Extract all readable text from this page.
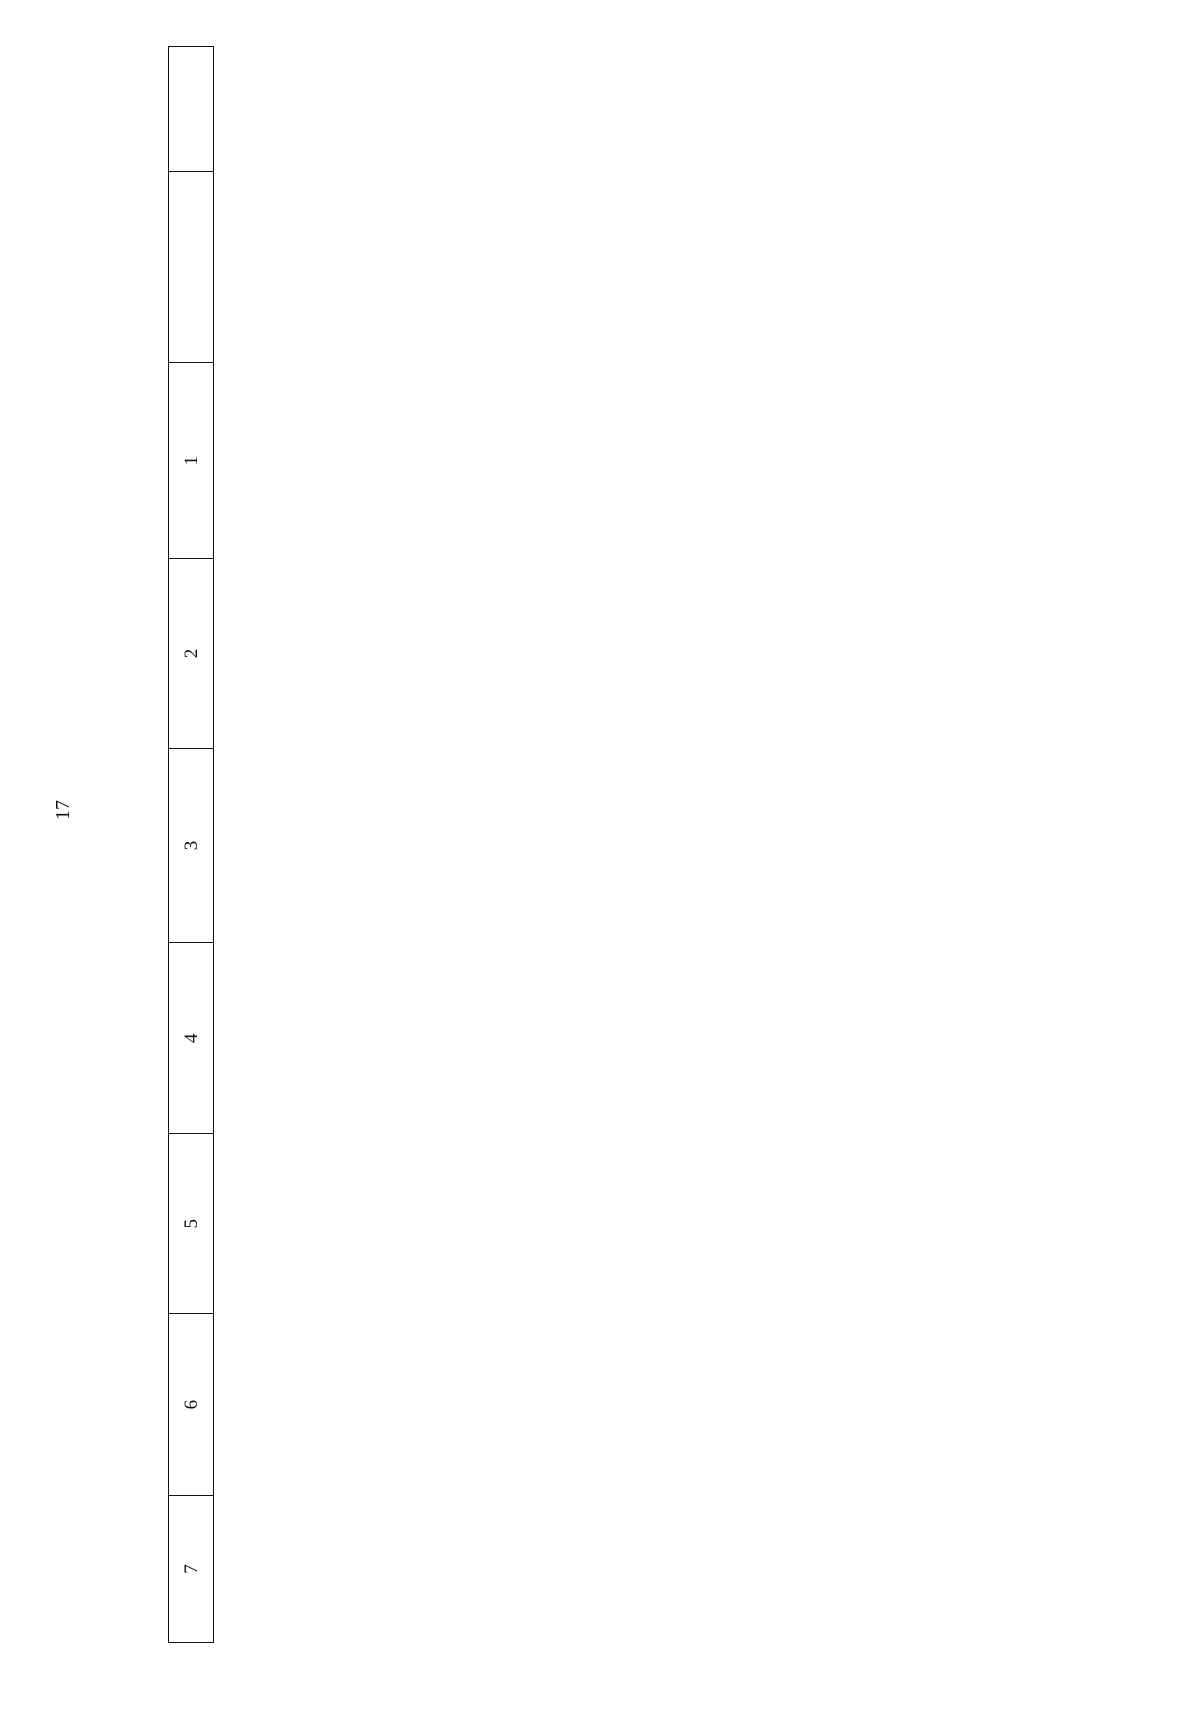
17
7	6	5	4	3	2	1		
